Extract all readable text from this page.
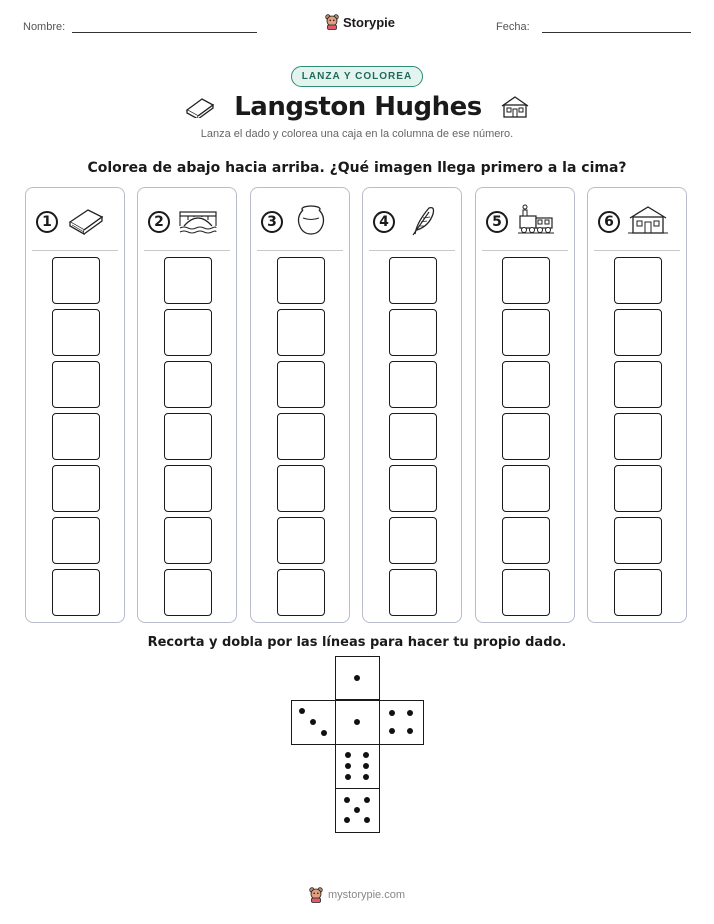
Nombre:	Storypie	Fecha:
LANZA Y COLOREA
Langston Hughes
Lanza el dado y colorea una caja en la columna de ese número.
Colorea de abajo hacia arriba. ¿Qué imagen llega primero a la cima?
1	2	3	4	5	6
Recorta y dobla por las líneas para hacer tu propio dado.
mystorypie.com
